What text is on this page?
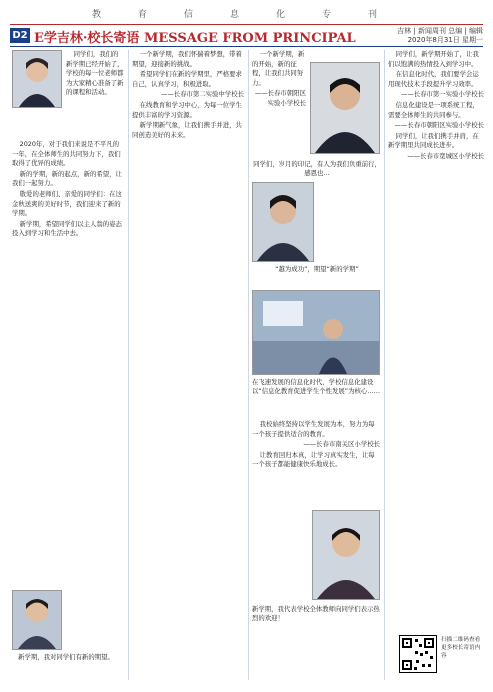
教	育	信	息	化	专	刊
D2 E学吉林·校长寄语 MESSAGE FROM PRINCIPAL	吉林 | 新闻周刊 总编 | 编辑
2020年8月31日 星期一

同学们，我们的新学期已经开始了，学校的每一位老师都为大家精心准备了新的课程和活动。

2020年，对于我们来说是不平凡的一年，在全体师生的共同努力下，我们取得了优异的成绩。

新的学期，新的起点，新的希望，让我们一起努力。

敬爱的老师们、亲爱的同学们：在这金秋送爽的美好时节，我们迎来了新的学期。

新学期，希望同学们以主人翁的姿态投入到学习和生活中去。

新学期，我对同学们有新的期望。

一个新学期，我们怀揣着梦想，带着期望，迎接新的挑战。

希望同学们在新的学期里，严格要求自己，认真学习，积极进取。

——长春市第二实验中学校长

在线教育和学习中心，为每一位学生提供丰富的学习资源。

新学期新气象，让我们携手并进，共同创造美好的未来。

一个新学期，新的开始，新的征程，让我们共同努力。

——长春市朝阳区实验小学校长

同学们，岁月的印记，有人为我们负重前行，感恩也…
“越为成功”，期望“新的学期”
在飞速发展的信息化时代，学校信息化建设以“信息化教育促进学生个性发展”为核心……

我校始终坚持以学生发展为本，努力为每一个孩子提供适合的教育。

——长春市南关区小学校长

让教育回归本真，让学习真实发生，让每一个孩子都能健康快乐地成长。

新学期，我代表学校全体教师向同学们表示热烈的欢迎！

同学们，新学期开始了，让我们以饱满的热情投入到学习中。

在信息化时代，我们要学会运用现代技术手段提升学习效率。

——长春市第一实验小学校长

信息化建设是一项系统工程，需要全体师生的共同参与。

——长春市朝阳区实验小学校长

同学们，让我们携手并肩，在新学期里共同成长进步。

——长春市宽城区小学校长

扫描二维码查看更多校长寄语内容
